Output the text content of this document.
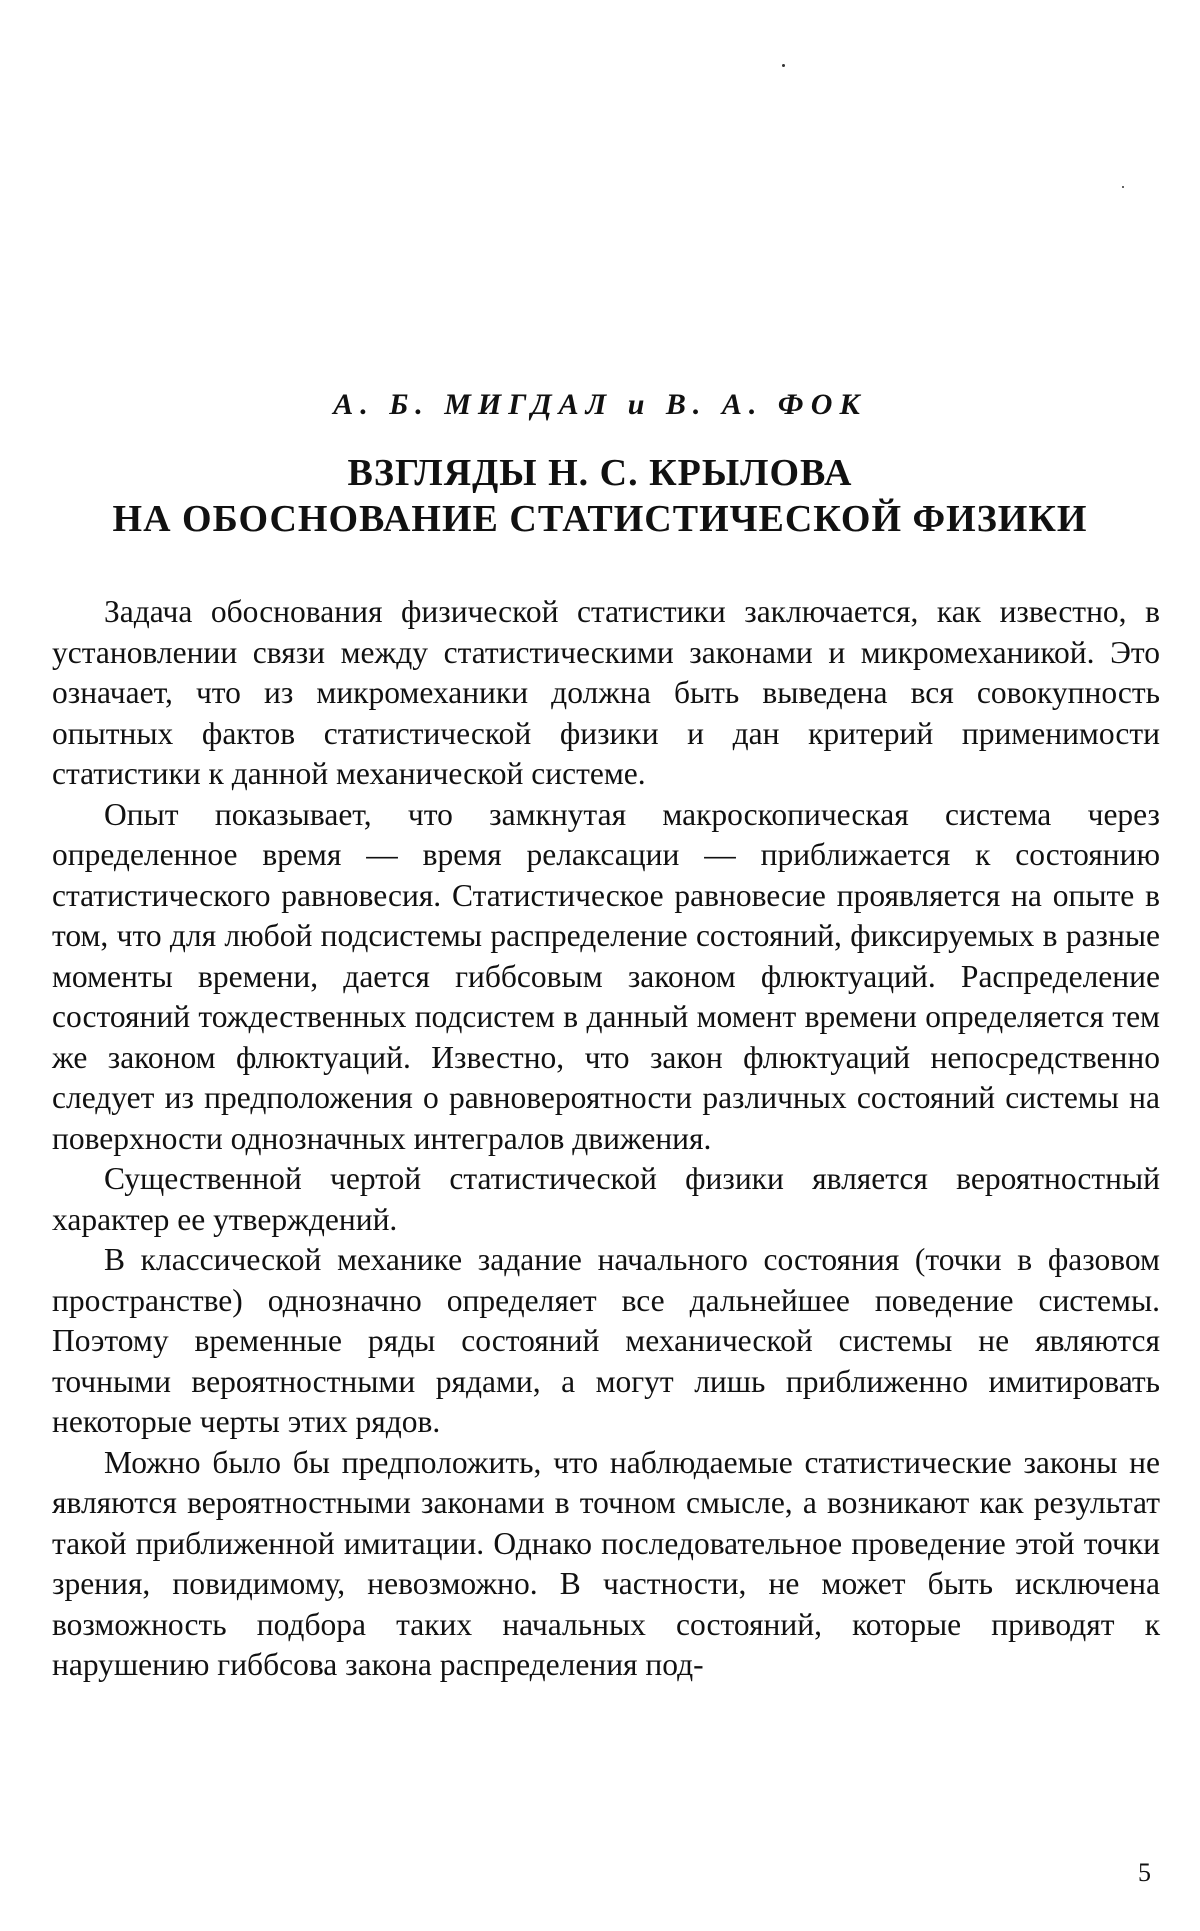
А. Б. МИГДАЛ и В. А. ФОК
ВЗГЛЯДЫ Н. С. КРЫЛОВА
НА ОБОСНОВАНИЕ СТАТИСТИЧЕСКОЙ ФИЗИКИ

Задача обоснования физической статистики заключается, как известно, в установлении связи между статистическими законами и микромеханикой. Это означает, что из микромеханики должна быть выведена вся совокупность опытных фактов статистической физики и дан критерий применимости статистики к данной механической системе.

Опыт показывает, что замкнутая макроскопическая система через определенное время — время релаксации — приближается к состоянию статистического равновесия. Статистическое равновесие проявляется на опыте в том, что для любой подсистемы распределение состояний, фиксируемых в разные моменты времени, дается гиббсовым законом флюктуаций. Распределение состояний тождественных подсистем в данный момент времени определяется тем же законом флюктуаций. Известно, что закон флюктуаций непосредственно следует из предположения о равновероятности различных состояний системы на поверхности однозначных интегралов движения.

Существенной чертой статистической физики является вероятностный характер ее утверждений.

В классической механике задание начального состояния (точки в фазовом пространстве) однозначно определяет все дальнейшее поведение системы. Поэтому временные ряды состояний механической системы не являются точными вероятностными рядами, а могут лишь приближенно имитировать некоторые черты этих рядов.

Можно было бы предположить, что наблюдаемые статистические законы не являются вероятностными законами в точном смысле, а возникают как результат такой приближенной имитации. Однако последовательное проведение этой точки зрения, повидимому, невозможно. В частности, не может быть исключена возможность подбора таких начальных состояний, которые приводят к нарушению гиббсова закона распределения под-

5
